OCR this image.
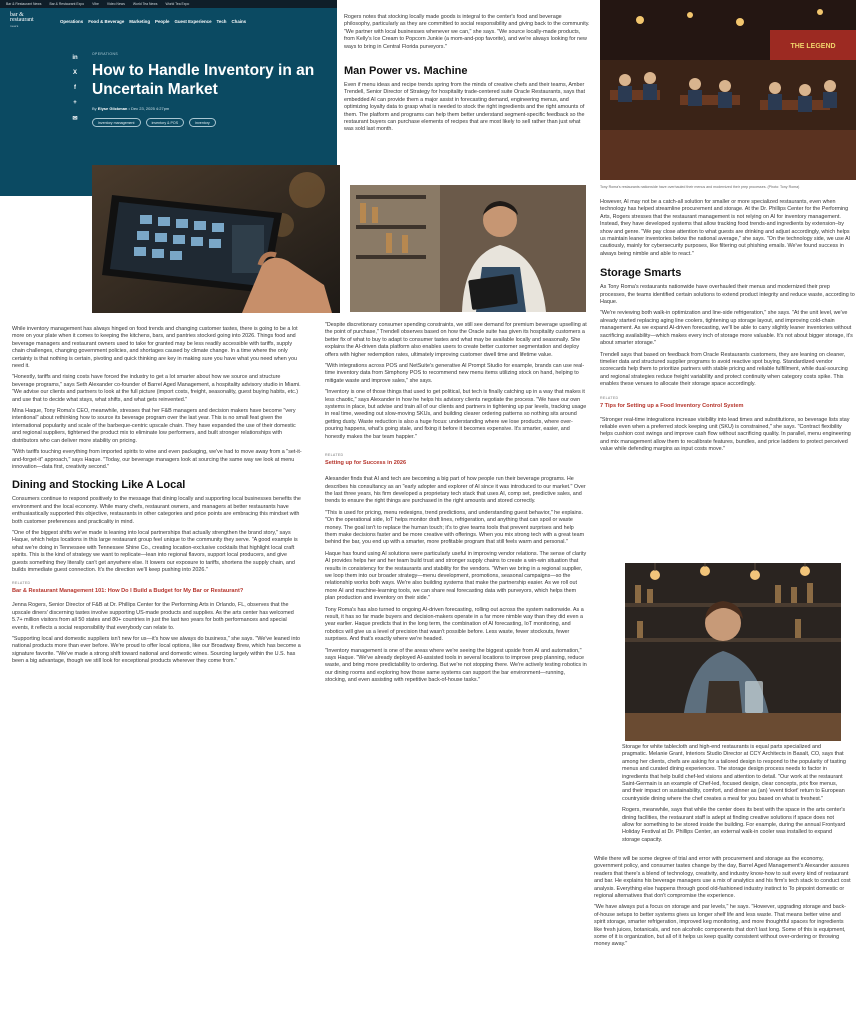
Bar & Restaurant News Bar & Restaurant Expo Vibe Video News World Tea News World Tea Expo
bar &
restaurant
news
Operations Food & Beverage Marketing People Guest Experience Tech Chains
in
X
f
+
✉
OPERATIONS
How to Handle Inventory in an Uncertain Market
By Elyse Glickman • Dec 23, 2025 4:27pm
inventory management	inventory & POS	inventory

Rogers notes that stocking locally made goods is integral to the center's food and beverage philosophy, particularly as they are committed to social responsibility and giving back to the community. "We partner with local businesses whenever we can," she says. "We source locally-made products, from Kelly's Ice Cream to Popcorn Junkie (a mom-and-pop favorite), and we're always looking for new ways to bring in Central Florida purveyors."

Man Power vs. Machine

Even if menu ideas and recipe trends spring from the minds of creative chefs and their teams, Amber Trendell, Senior Director of Strategy for hospitality trade-centered suite Oracle Restaurants, says that embedded AI can provide them a major assist in forecasting demand, engineering menus, and optimizing loyalty data to grasp what is needed to stock the right ingredients and the right amounts of them. The platform and programs can help them better understand segment-specific feedback so the restaurant buyers can purchase elements of recipes that are most likely to sell rather than just what was sold last month.

THE LEGEND
Tony Roma's restaurants nationwide have overhauled their menus and modernized their prep processes. (Photo: Tony Roma)

However, AI may not be a catch-all solution for smaller or more specialized restaurants, even when technology has helped streamline procurement and storage. At the Dr. Phillips Center for the Performing Arts, Rogers stresses that the restaurant management is not relying on AI for inventory management. Instead, they have developed systems that allow tracking food trends-and ingredients by extension–by show and genre. "We pay close attention to what guests are drinking and adjust accordingly, which helps us maintain leaner inventories below the national average," she says. "On the technology side, we use AI cautiously, mainly for cybersecurity purposes, like filtering out phishing emails. We've found success in always being nimble and able to react."

Storage Smarts

As Tony Roma's restaurants nationwide have overhauled their menus and modernized their prep processes, the teams identified certain solutions to extend product integrity and reduce waste, according to Haque.

"We're reviewing both walk-in optimization and line-side refrigeration," she says. "At the unit level, we've already started replacing aging line coolers, tightening up storage layout, and improving cold-chain management. As we expand AI-driven forecasting, we'll be able to carry slightly leaner inventories without sacrificing availability—which makes every inch of storage more valuable. It's not about bigger storage, it's about smarter storage."

Trendell says that based on feedback from Oracle Restaurants customers, they are leaning on cleaner, timelier data and structured supplier programs to avoid reactive spot buying. Standardized vendor scorecards help them to prioritize partners with stable pricing and reliable fulfillment, while dual-sourcing and regional strategies reduce freight variability and protect continuity when category costs spike. This enables these venues to allocate their storage space accordingly.

RELATED
7 Tips for Setting up a Food Inventory Control System

"Stronger real-time integrations increase visibility into lead times and substitutions, so beverage lists stay reliable even when a preferred stock keeping unit (SKU) is constrained," she says. "Contract flexibility helps cushion cost swings and improve cash flow without sacrificing quality. In parallel, menu engineering and mix management allow them to recalibrate features, bundles, and price ladders to protect perceived value while defending margins as input costs move."

Storage for white tablecloth and high-end restaurants is equal parts specialized and pragmatic. Melanie Grant, Interiors Studio Director at CCY Architects in Basalt, CO, says that among her clients, chefs are asking for a tailored design to respond to the popularity of tasting menus and curated dining experiences. The storage design process needs to factor in ingredients that help build chef-led visions and attention to detail. "Our work at the restaurant Saint-Germain is an example of Chef-led, focused design, clear concepts, prix fixe menus, and their impact on sustainability, comfort, and dinner as (an) 'event ticket' return to European countryside dining where the chef creates a meal for you based on what is freshest."

Rogers, meanwhile, says that while the center does its best with the space in the arts center's dining facilities, the restaurant staff is adept at finding creative solutions if space does not allow for something to be stored inside the building. For example, during the annual Frontyard Holiday Festival at Dr. Phillips Center, an external walk-in cooler was installed to expand storage capacity.

While there will be some degree of trial and error with procurement and storage as the economy, government policy, and consumer tastes change by the day, Barrel Aged Management's Alexander assures readers that there's a blend of technology, creativity, and industry know-how to suit every kind of restaurant and bar. He explains his beverage managers use a mix of analytics and his firm's tech stack to conduct cost analysis. Everything else happens through good old-fashioned industry instinct to To pinpoint domestic or regional alternatives that don't compromise the experience.

"We have always put a focus on storage and par levels," he says. "However, upgrading storage and back-of-house setups to better systems gives us longer shelf life and less waste. That means better wine and spirit storage, smarter refrigeration, improved keg monitoring, and more thoughtful spaces for ingredients like fresh juices, botanicals, and non alcoholic components that don't last long. Some of this is equipment, some of it is organization, but all of it helps us keep quality consistent without over-ordering or throwing money away."

While inventory management has always hinged on food trends and changing customer tastes, there is going to be a lot more on your plate when it comes to keeping the kitchens, bars, and pantries stocked going into 2026. Things food and beverage managers and restaurant owners used to take for granted may be less readily accessible with tariffs, supply chain challenges, changing government policies, and shortages caused by climate change. In a time where the only certainty is that nothing is certain, pivoting and quick thinking are key in making sure you have what you need when you need it.

"Honestly, tariffs and rising costs have forced the industry to get a lot smarter about how we source and structure beverage programs," says Seth Alexander co-founder of Barrel Aged Management, a hospitality advisory studio in Miami. "We advise our clients and partners to look at the full picture (import costs, freight, seasonality, guest buying habits, etc.) and use that to decide what stays, what shifts, and what gets reinvented."

Mina Haque, Tony Roma's CEO, meanwhile, stresses that her F&B managers and decision makers have become "very intentional" about rethinking how to source its beverage program over the last year. This is no small feat given the international popularity and scale of the barbeque-centric upscale chain. They have expanded the use of their domestic and regional suppliers, tightened the product mix to eliminate low performers, and built stronger relationships with distributors who can deliver more stability on pricing.

"With tariffs touching everything from imported spirits to wine and even packaging, we've had to move away from a "set-it-and-forget-it" approach," says Haque. "Today, our beverage managers look at sourcing the same way we look at menu innovation—data first, creativity second."

Dining and Stocking Like A Local

Consumers continue to respond positively to the message that dining locally and supporting local businesses benefits the environment and the local economy. While many chefs, restaurant owners, and managers at better restaurants have enthusiastically supported this objective, restaurants in other categories and price points are embracing this mindset with both customer preferences and practicality in mind.

"One of the biggest shifts we've made is leaning into local partnerships that actually strengthen the brand story," says Haque, which helps locations in this large restaurant group feel unique to the community they serve. "A good example is what we're doing in Tennessee with Tennessee Shine Co., creating location-exclusive cocktails that highlight local craft spirits. This is the kind of strategy we want to replicate—lean into regional flavors, support local producers, and give guests something they literally can't get anywhere else. It lowers our exposure to tariffs, shortens the supply chain, and builds immediate guest connection. It's the direction we'll keep pushing into 2026."

RELATED
Bar & Restaurant Management 101: How Do I Build a Budget for My Bar or Restaurant?

Jenna Rogers, Senior Director of F&B at Dr. Phillips Center for the Performing Arts in Orlando, FL, observes that the upscale diners' discerning tastes involve supporting US-made products and supplies. As the arts center has welcomed 5.7+ million visitors from all 50 states and 80+ countries in just the last two years for both performances and special events, it reflects a social responsibility that everybody can relate to.

"Supporting local and domestic suppliers isn't new for us—it's how we always do business," she says. "We've leaned into national products more than ever before. We're proud to offer local options, like our Broadway Brew, which has become a signature favorite. "We've made a strong shift toward national and domestic wines. Sourcing largely within the U.S. has been a big advantage, though we still look for exceptional products wherever they come from."

"Despite discretionary consumer spending constraints, we still see demand for premium beverage upselling at the point of purchase," Trendell observes based on how the Oracle suite has given its hospitality customers a better fix of what to buy to adapt to consumer tastes and what may be available locally and seasonally. She explains the AI-driven data platform also enables users to create better customer segmentation and deploy offers with higher redemption rates, ultimately improving customer dwell time and lifetime value.

"With integrations across POS and NetSuite's generative AI Prompt Studio for example, brands can use real-time inventory data from Simphony POS to recommend new menu items utilizing stock on hand, helping to mitigate waste and improve sales," she says.

"Inventory is one of those things that used to get political, but tech is finally catching up in a way that makes it less chaotic," says Alexander in how he helps his advisory clients negotiate the process. "We have our own systems in place, but advise and train all of our clients and partners in tightening up par levels, tracking usage in real time, weeding out slow-moving SKUs, and building clearer ordering patterns so nothing sits around getting dusty. Waste reduction is also a huge focus: understanding where we lose products, where over-pouring happens, what's going stale, and fixing it before it becomes expensive. It's smarter, easier, and honestly makes the bar team happier."

RELATED
Setting up for Success in 2026

Alexander finds that AI and tech are becoming a big part of how people run their beverage programs. He describes his consultancy as an "early adopter and explorer of AI since it was introduced to our market." Over the last three years, his firm developed a proprietary tech stack that uses AI, comp set, predictive sales, and trends to ensure the right things are purchased in the right amounts and stored correctly.

"This is used for pricing, menu redesigns, trend predictions, and understanding guest behavior," he explains. "On the operational side, IoT helps monitor draft lines, refrigeration, and anything that can spoil or waste money. The goal isn't to replace the human touch; it's to give teams tools that prevent surprises and help them make decisions faster and be more creative with offerings. When you mix strong tech with a great team behind the bar, you end up with a smarter, more profitable program that still feels warm and personal."

Haque has found using AI solutions were particularly useful in improving vendor relations. The sense of clarity AI provides helps her and her team build trust and stronger supply chains to create a win-win situation that results in consistency for the restaurants and stability for the vendors. "When we bring in a regional supplier, we loop them into our broader strategy—menu development, promotions, seasonal campaigns—so the relationship works both ways. We're also building systems that make the partnership easier. As we roll out more AI and machine-learning tools, we can share real forecasting data with purveyors, which helps them plan production and inventory on their side."

Tony Roma's has also turned to ongoing AI-driven forecasting, rolling out across the system nationwide. As a result, it has so far made buyers and decision-makers operate in a far more nimble way than they did even a year earlier. Haque predicts that in the long term, the combination of AI forecasting, IoT monitoring, and robotics will give us a level of precision that wasn't possible before. Less waste, fewer stockouts, fewer surprises. And that's exactly where we're headed.

"Inventory management is one of the areas where we're seeing the biggest upside from AI and automation," says Haque. "We've already deployed AI-assisted tools in several locations to improve prep planning, reduce waste, and bring more predictability to ordering. But we're not stopping there. We're actively testing robotics in our dining rooms and exploring how those same systems can support the bar environment—running, stocking, and even assisting with repetitive back-of-house tasks."
